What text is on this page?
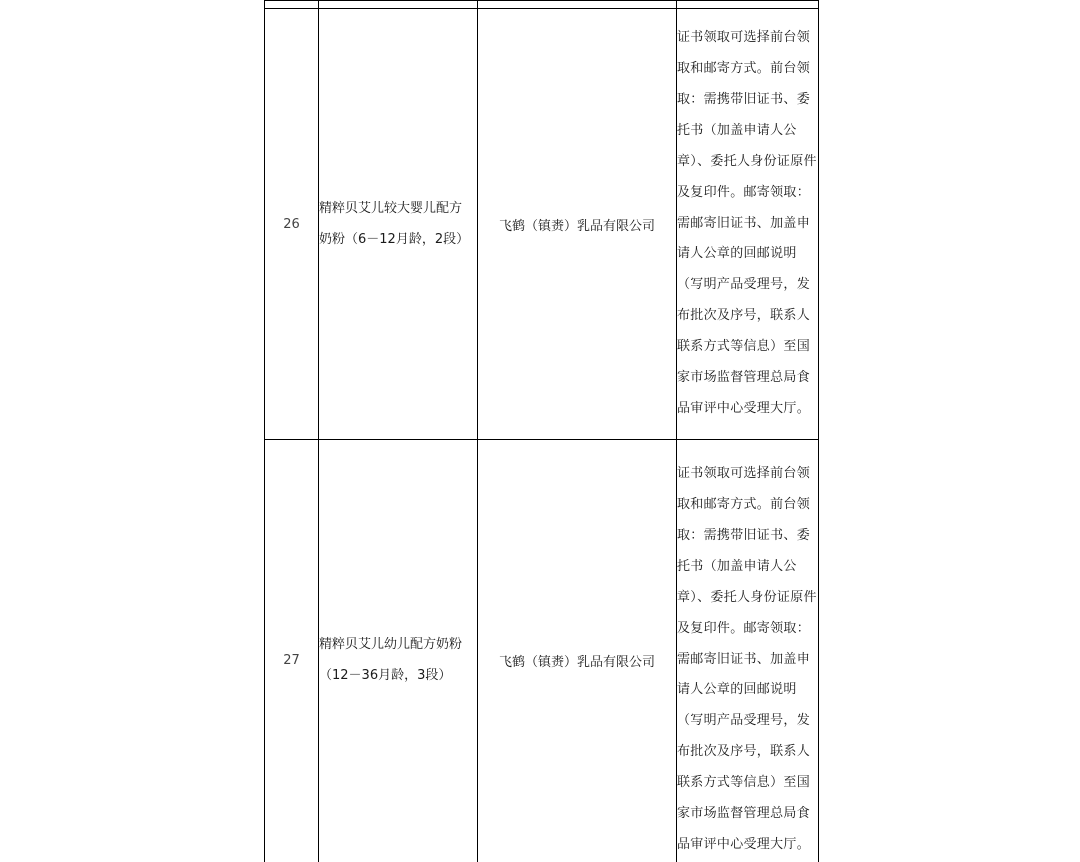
26	精粹贝艾儿较大婴儿配方
奶粉（6－12月龄，2段）	飞鹤（镇赉）乳品有限公司	证书领取可选择前台领取和邮寄方式。前台领取：需携带旧证书、委托书（加盖申请人公章）、委托人身份证原件及复印件。邮寄领取：需邮寄旧证书、加盖申请人公章的回邮说明（写明产品受理号，发布批次及序号，联系人联系方式等信息）至国家市场监督管理总局食品审评中心受理大厅。

27	精粹贝艾儿幼儿配方奶粉
（12－36月龄，3段）	飞鹤（镇赉）乳品有限公司	证书领取可选择前台领取和邮寄方式。前台领取：需携带旧证书、委托书（加盖申请人公章）、委托人身份证原件及复印件。邮寄领取：需邮寄旧证书、加盖申请人公章的回邮说明（写明产品受理号，发布批次及序号，联系人联系方式等信息）至国家市场监督管理总局食品审评中心受理大厅。
